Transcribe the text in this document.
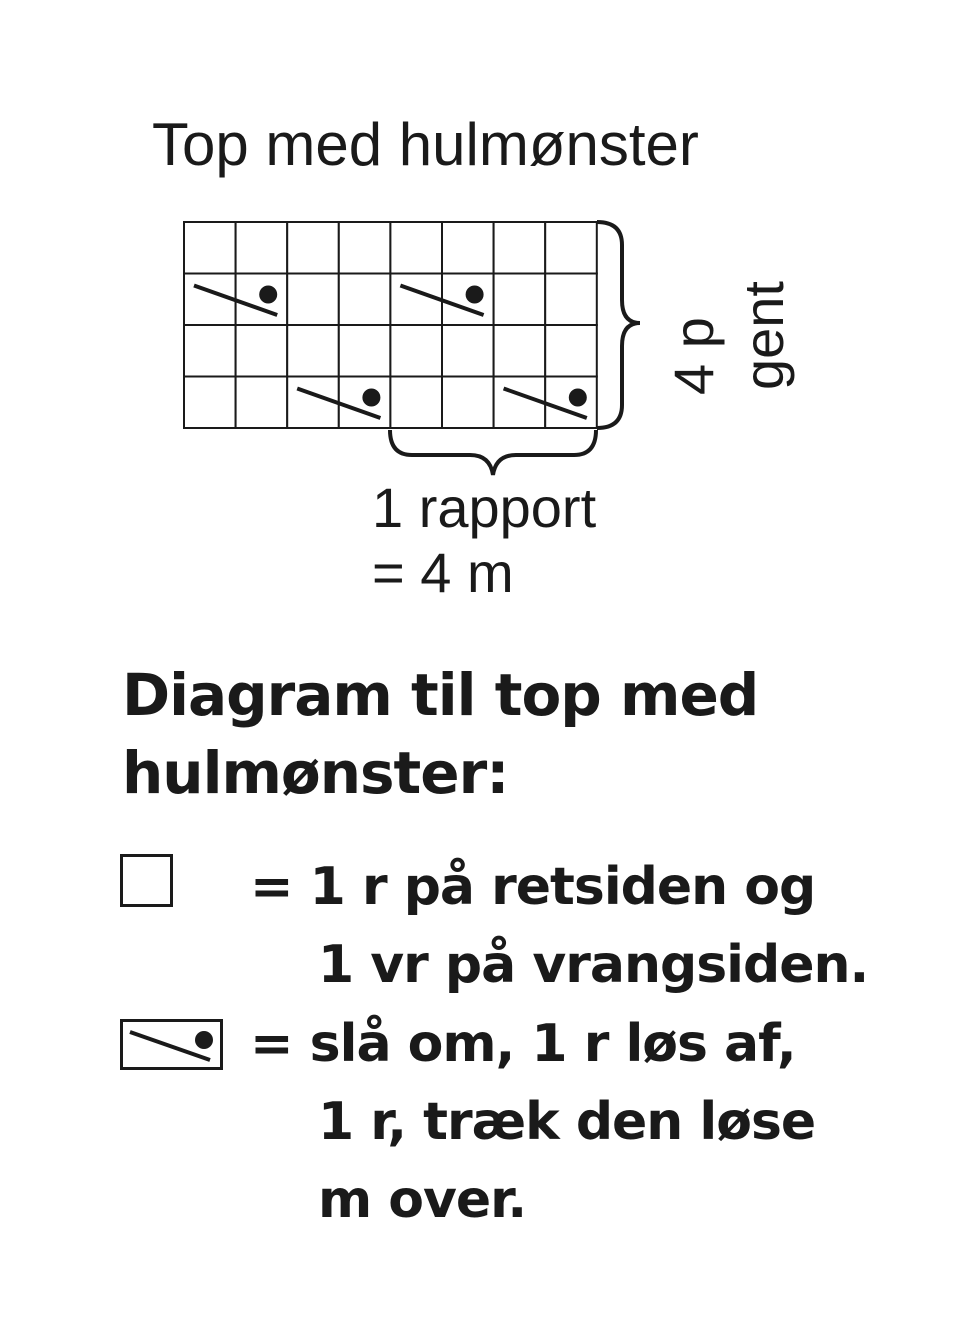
Top med hulmønster
4 p gent
1 rapport
= 4 m
Diagram til top med
hulmønster:
= 1 r på retsiden og
1 vr på vrangsiden.
= slå om, 1 r løs af,
1 r, træk den løse
m over.
